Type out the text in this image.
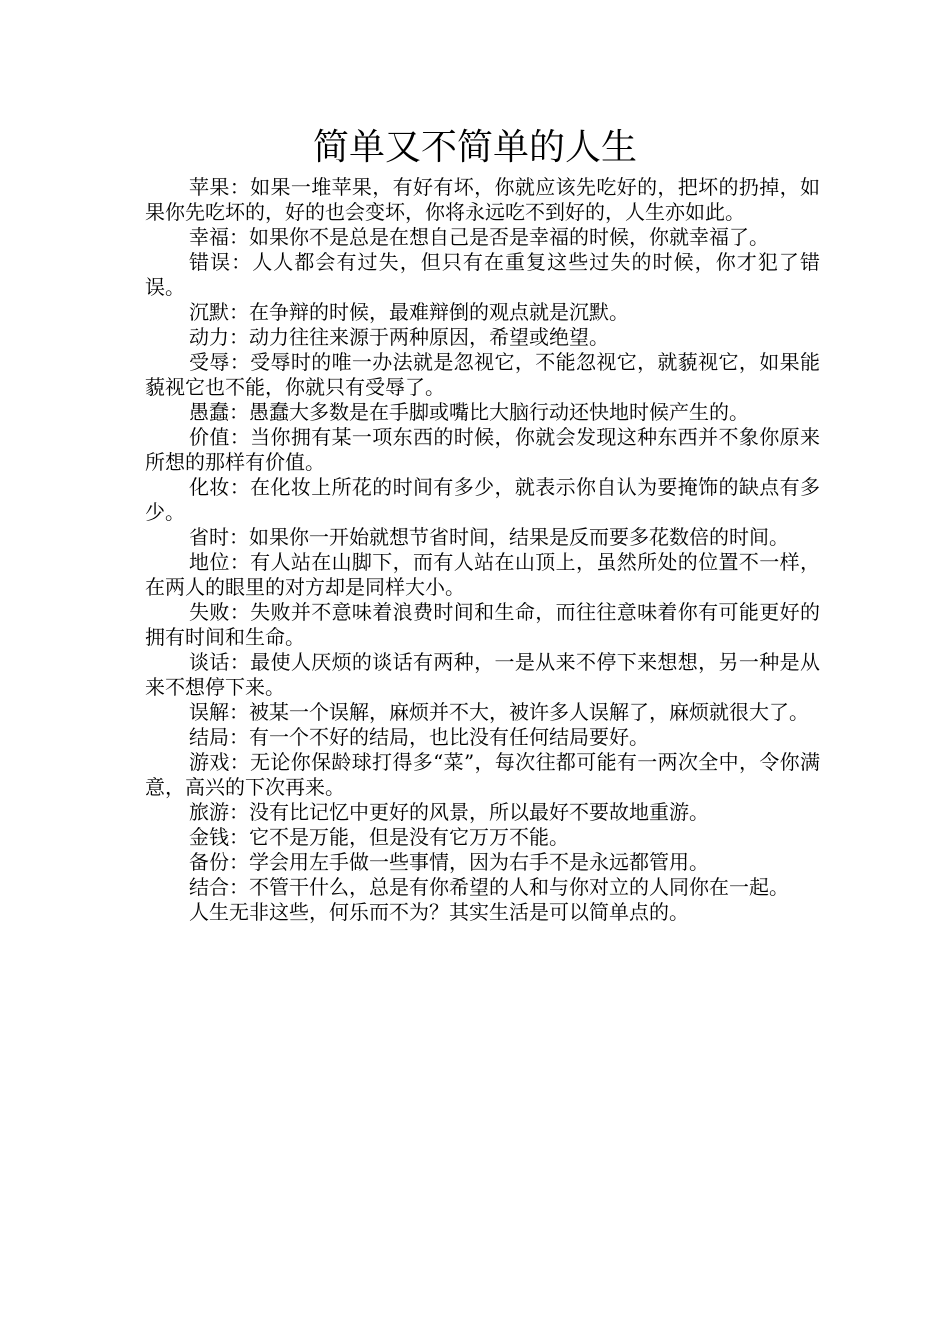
简单又不简单的人生

苹果：如果一堆苹果，有好有坏，你就应该先吃好的，把坏的扔掉，如果你先吃坏的，好的也会变坏，你将永远吃不到好的，人生亦如此。

幸福：如果你不是总是在想自己是否是幸福的时候，你就幸福了。

错误：人人都会有过失，但只有在重复这些过失的时候，你才犯了错误。

沉默：在争辩的时候，最难辩倒的观点就是沉默。

动力：动力往往来源于两种原因，希望或绝望。

受辱：受辱时的唯一办法就是忽视它，不能忽视它，就藐视它，如果能藐视它也不能，你就只有受辱了。

愚蠢：愚蠢大多数是在手脚或嘴比大脑行动还快地时候产生的。

价值：当你拥有某一项东西的时候，你就会发现这种东西并不象你原来所想的那样有价值。

化妆：在化妆上所花的时间有多少，就表示你自认为要掩饰的缺点有多少。

省时：如果你一开始就想节省时间，结果是反而要多花数倍的时间。

地位：有人站在山脚下，而有人站在山顶上，虽然所处的位置不一样，在两人的眼里的对方却是同样大小。

失败：失败并不意味着浪费时间和生命，而往往意味着你有可能更好的拥有时间和生命。

谈话：最使人厌烦的谈话有两种，一是从来不停下来想想，另一种是从来不想停下来。

误解：被某一个误解，麻烦并不大，被许多人误解了，麻烦就很大了。

结局：有一个不好的结局，也比没有任何结局要好。

游戏：无论你保龄球打得多“菜”，每次往都可能有一两次全中，令你满意，高兴的下次再来。

旅游：没有比记忆中更好的风景，所以最好不要故地重游。

金钱：它不是万能，但是没有它万万不能。

备份：学会用左手做一些事情，因为右手不是永远都管用。

结合：不管干什么，总是有你希望的人和与你对立的人同你在一起。

人生无非这些，何乐而不为？其实生活是可以简单点的。
